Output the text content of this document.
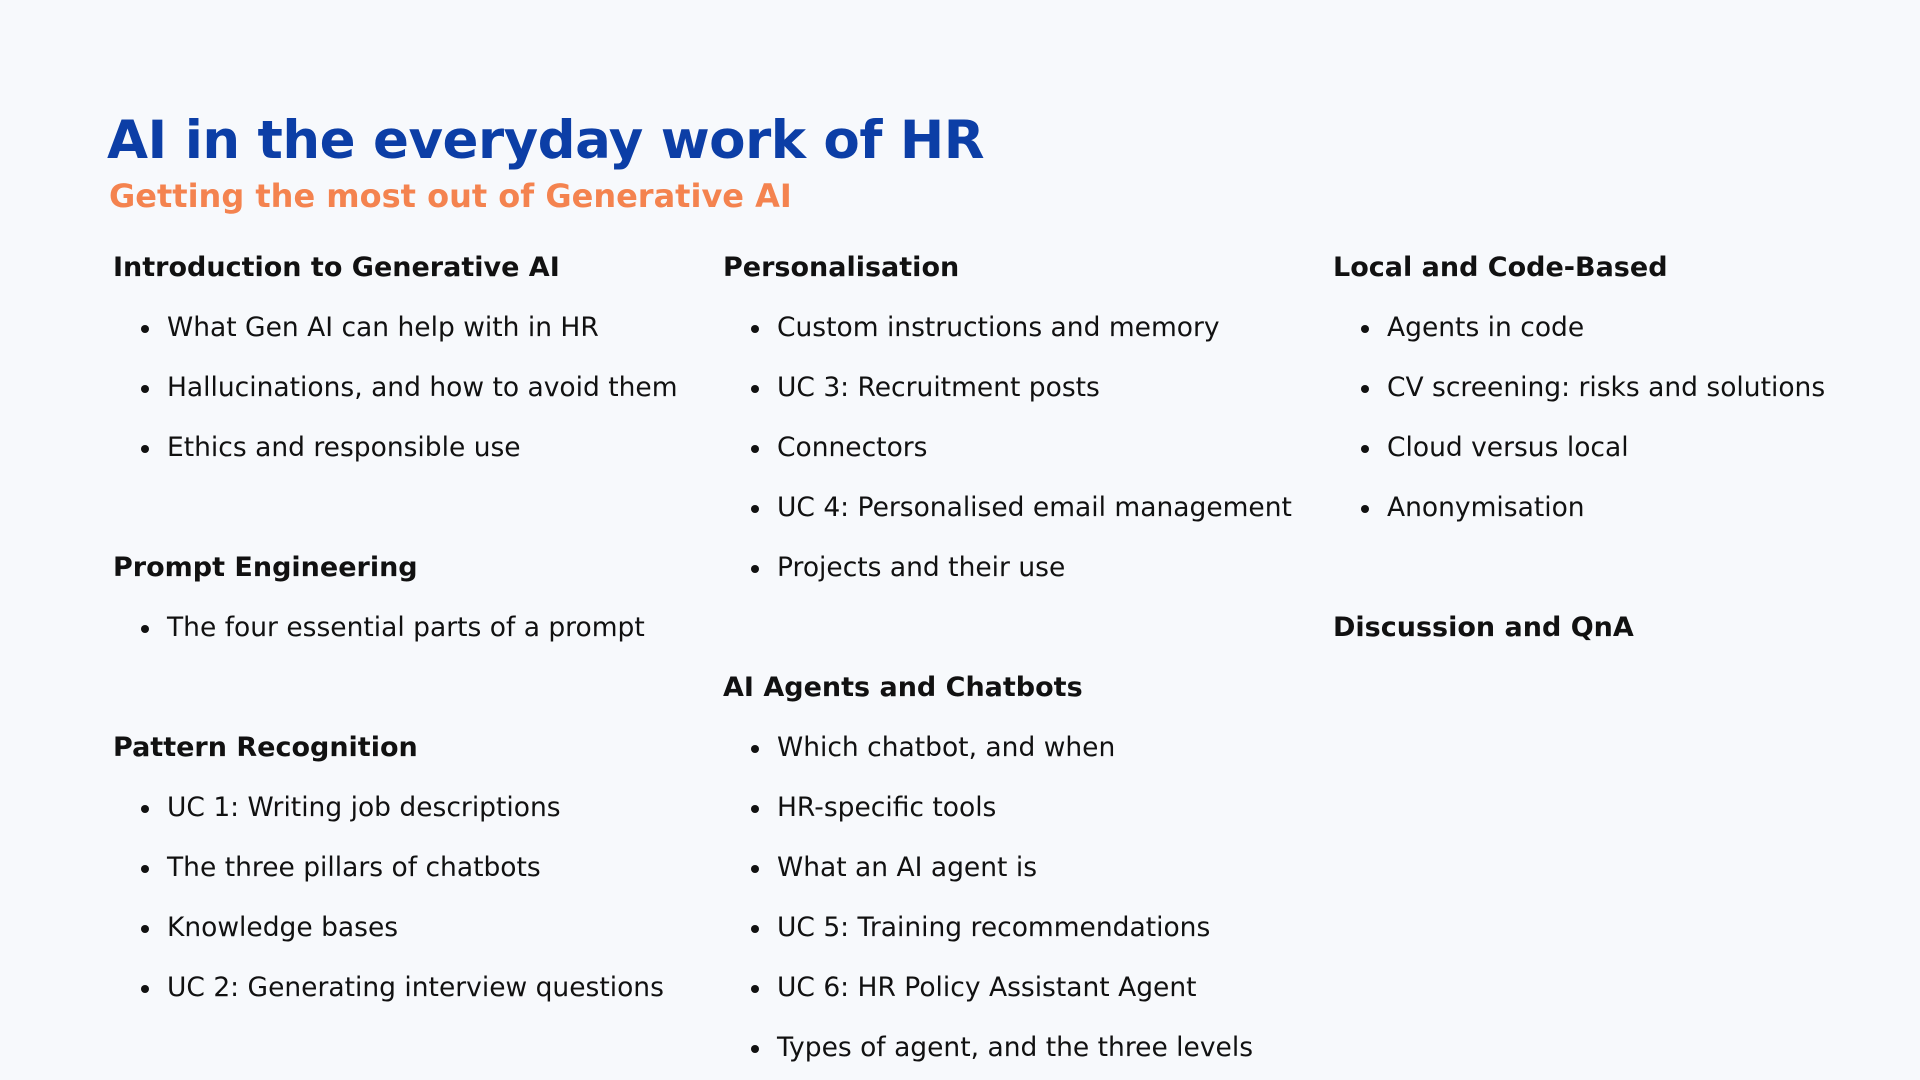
AI in the everyday work of HR
Getting the most out of Generative AI
Introduction to Generative AI
What Gen AI can help with in HR
Hallucinations, and how to avoid them
Ethics and responsible use
Prompt Engineering
The four essential parts of a prompt
Pattern Recognition
UC 1: Writing job descriptions
The three pillars of chatbots
Knowledge bases
UC 2: Generating interview questions
Personalisation
Custom instructions and memory
UC 3: Recruitment posts
Connectors
UC 4: Personalised email management
Projects and their use
AI Agents and Chatbots
Which chatbot, and when
HR-specific tools
What an AI agent is
UC 5: Training recommendations
UC 6: HR Policy Assistant Agent
Types of agent, and the three levels
Local and Code-Based
Agents in code
CV screening: risks and solutions
Cloud versus local
Anonymisation
Discussion and QnA
